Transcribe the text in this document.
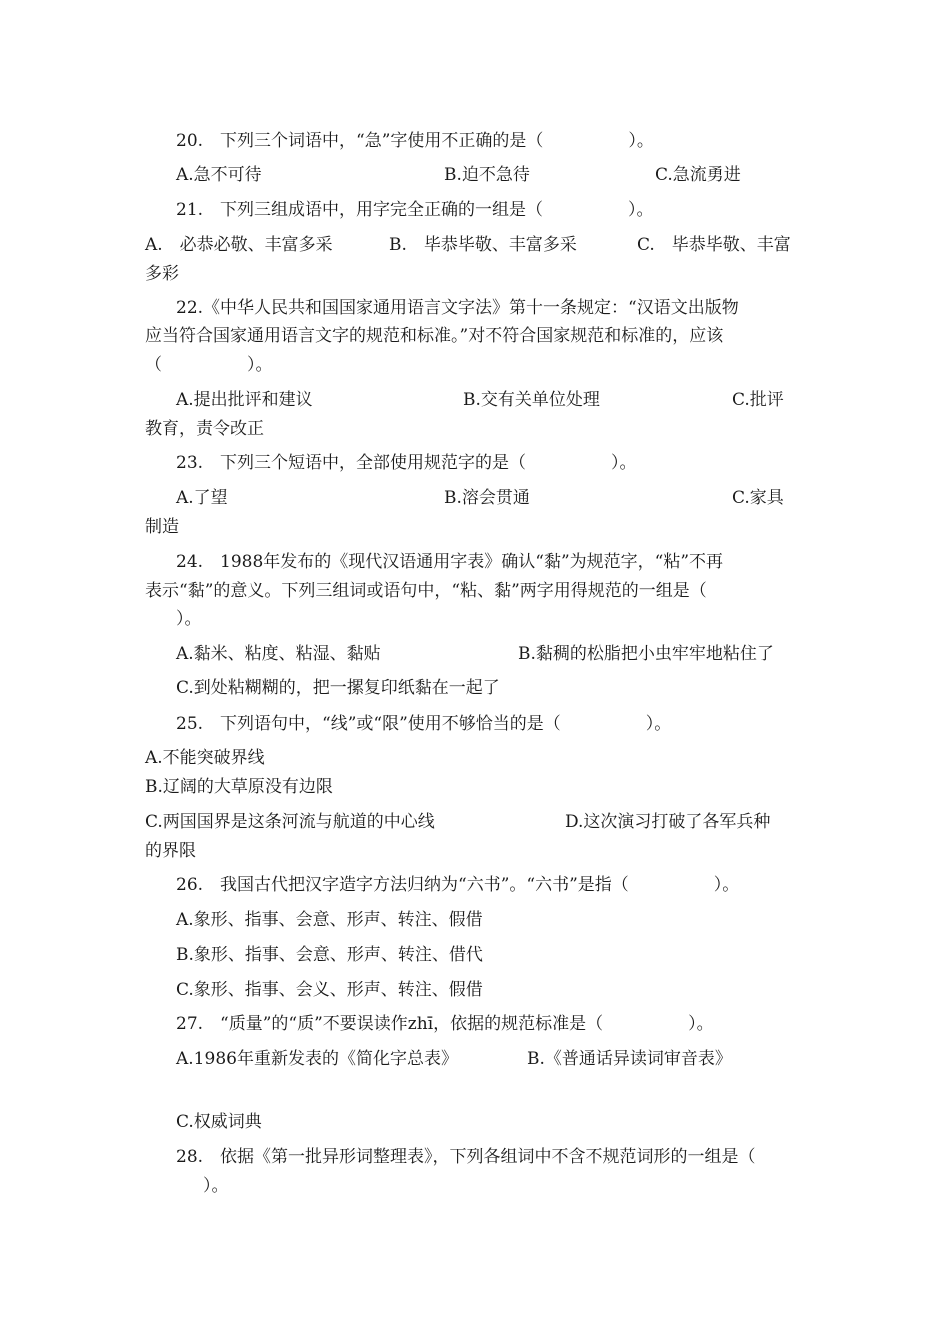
20.　下列三个词语中，“急”字使用不正确的是（　　　　　）。

A.急不可待

	B.迫不急待

	C.急流勇进

21.　下列三组成语中，用字完全正确的一组是（　　　　　）。

A.　必恭必敬、丰富多采

	B.　毕恭毕敬、丰富多采

	C.　毕恭毕敬、丰富

多彩
22.《中华人民共和国国家通用语言文字法》第十一条规定：“汉语文出版物
应当符合国家通用语言文字的规范和标准。”对不符合国家规范和标准的，应该
（　　　　　）。

A.提出批评和建议

	B.交有关单位处理

	C.批评

教育，责令改正
23.　下列三个短语中，全部使用规范字的是（　　　　　）。

A.了望

	B.溶会贯通

	C.家具

制造
24.　1988年发布的《现代汉语通用字表》确认“黏”为规范字，“粘”不再
表示“黏”的意义。下列三组词或语句中，“粘、黏”两字用得规范的一组是（
）。

A.黏米、粘度、粘湿、黏贴

	B.黏稠的松脂把小虫牢牢地粘住了

C.到处粘糊糊的，把一摞复印纸黏在一起了
25.　下列语句中，“线”或“限”使用不够恰当的是（　　　　　）。
A.不能突破界线
B.辽阔的大草原没有边限

C.两国国界是这条河流与航道的中心线

	D.这次演习打破了各军兵种

的界限
26.　我国古代把汉字造字方法归纳为“六书”。“六书”是指（　　　　　）。
A.象形、指事、会意、形声、转注、假借
B.象形、指事、会意、形声、转注、借代
C.象形、指事、会义、形声、转注、假借
27.　“质量”的“质”不要误读作zhī，依据的规范标准是（　　　　　）。

A.1986年重新发表的《简化字总表》

	B.《普通话异读词审音表》

C.权威词典
28.　依据《第一批异形词整理表》，下列各组词中不含不规范词形的一组是（
）。
